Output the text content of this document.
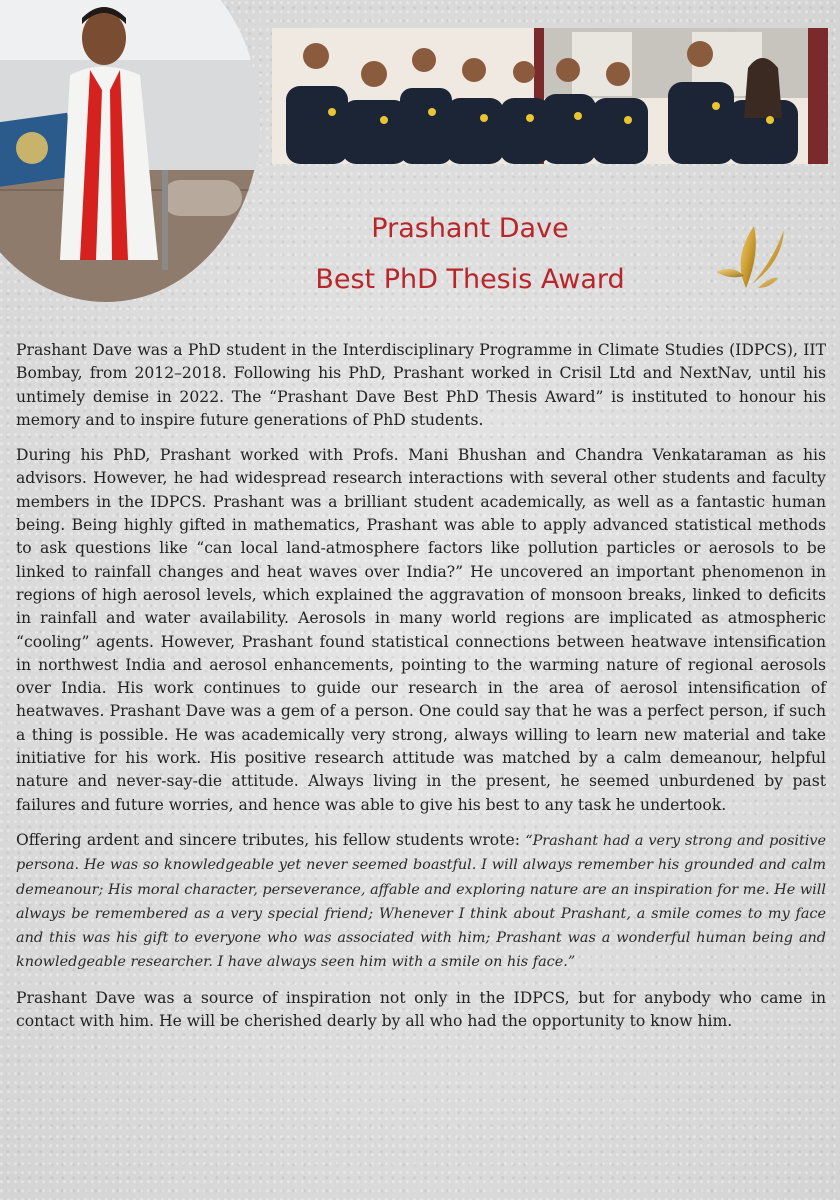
Prashant Dave
Best PhD Thesis Award

Prashant Dave was a PhD student in the Interdisciplinary Programme in Climate Studies (IDPCS), IIT Bombay, from 2012–2018. Following his PhD, Prashant worked in Crisil Ltd and NextNav, until his untimely demise in 2022. The “Prashant Dave Best PhD Thesis Award” is instituted to honour his memory and to inspire future generations of PhD students.

During his PhD, Prashant worked with Profs. Mani Bhushan and Chandra Venkataraman as his advisors. However, he had widespread research interactions with several other students and faculty members in the IDPCS. Prashant was a brilliant student academically, as well as a fantastic human being. Being highly gifted in mathematics, Prashant was able to apply advanced statistical methods to ask questions like “can local land-atmosphere factors like pollution particles or aerosols to be linked to rainfall changes and heat waves over India?” He uncovered an important phenomenon in regions of high aerosol levels, which explained the aggravation of monsoon breaks, linked to deficits in rainfall and water availability. Aerosols in many world regions are implicated as atmospheric “cooling” agents. However, Prashant found statistical connections between heatwave intensification in northwest India and aerosol enhancements, pointing to the warming nature of regional aerosols over India. His work continues to guide our research in the area of aerosol intensification of heatwaves. Prashant Dave was a gem of a person. One could say that he was a perfect person, if such a thing is possible. He was academically very strong, always willing to learn new material and take initiative for his work. His positive research attitude was matched by a calm demeanour, helpful nature and never-say-die attitude. Always living in the present, he seemed unburdened by past failures and future worries, and hence was able to give his best to any task he undertook.

Offering ardent and sincere tributes, his fellow students wrote: “Prashant had a very strong and positive persona. He was so knowledgeable yet never seemed boastful. I will always remember his grounded and calm demeanour; His moral character, perseverance, affable and exploring nature are an inspiration for me. He will always be remembered as a very special friend; Whenever I think about Prashant, a smile comes to my face and this was his gift to everyone who was associated with him; Prashant was a wonderful human being and knowledgeable researcher. I have always seen him with a smile on his face.”

Prashant Dave was a source of inspiration not only in the IDPCS, but for anybody who came in contact with him. He will be cherished dearly by all who had the opportunity to know him.
